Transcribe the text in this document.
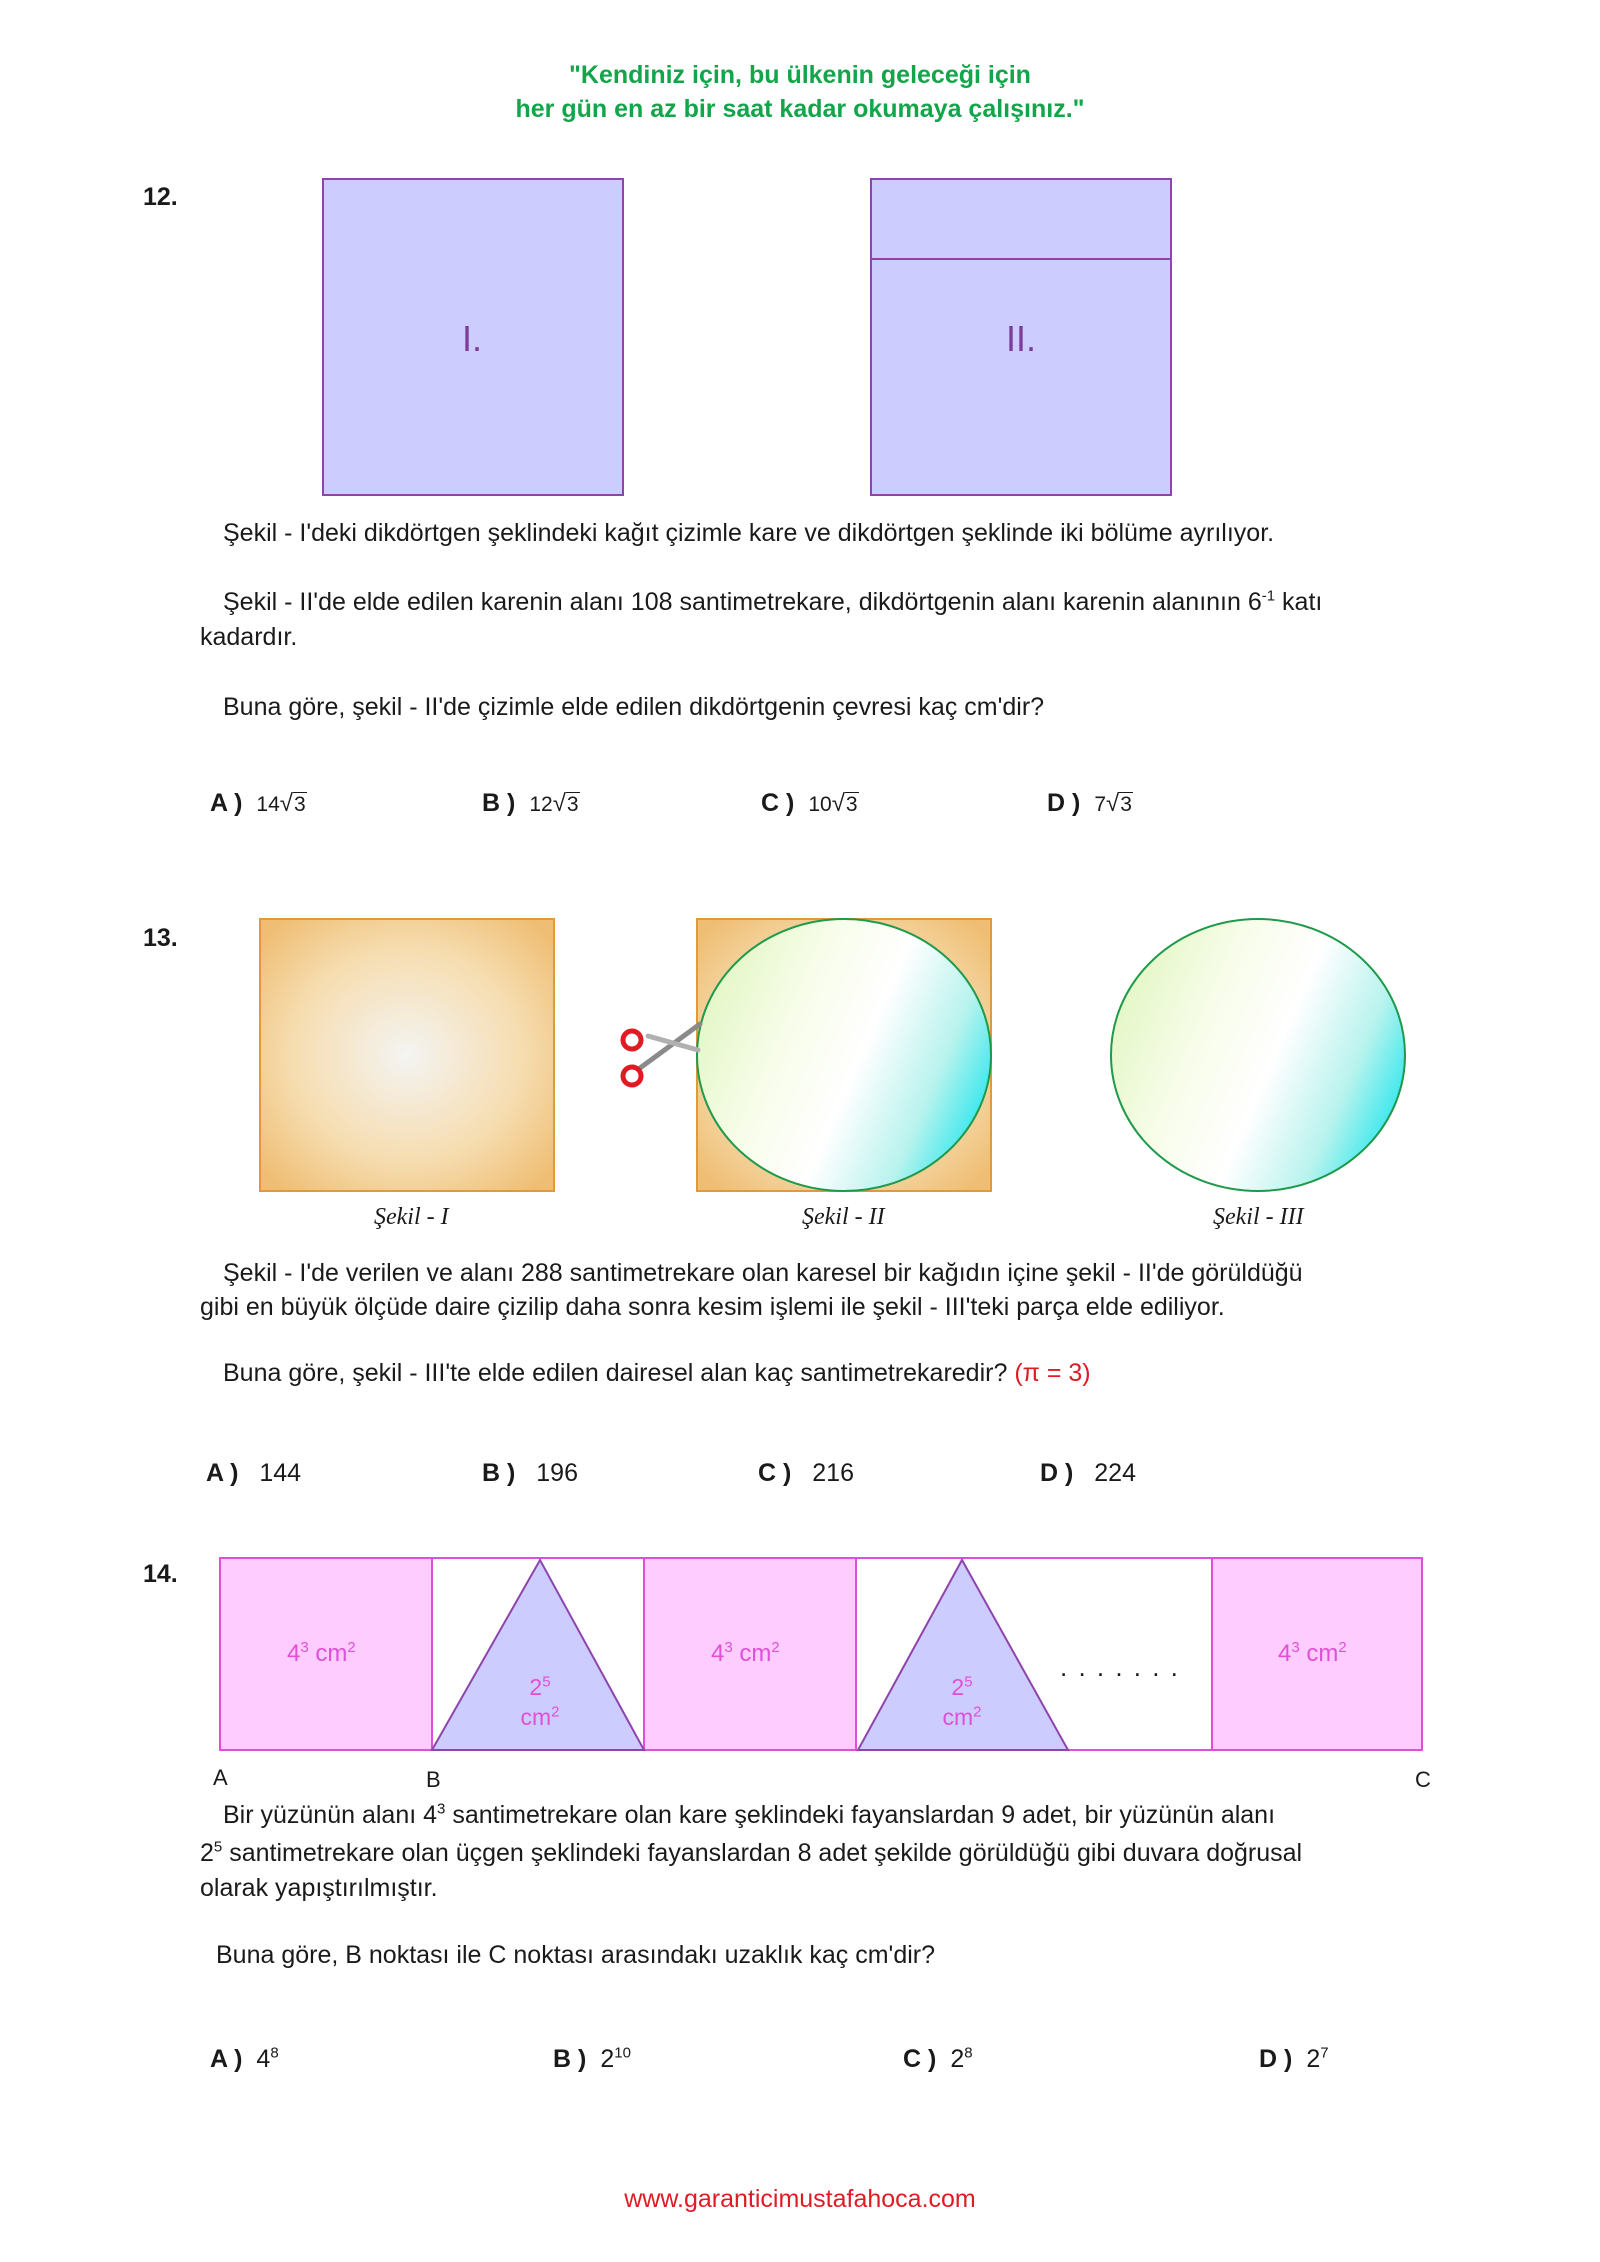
"Kendiniz için, bu ülkenin geleceği için
her gün en az bir saat kadar okumaya çalışınız."
12.
I.	II.
Şekil - I'deki dikdörtgen şeklindeki kağıt çizimle kare ve dikdörtgen şeklinde iki bölüme ayrılıyor.
Şekil - II'de elde edilen karenin alanı 108 santimetrekare, dikdörtgenin alanı karenin alanının $6^{-1}$ katı
kadardır.
Buna göre, şekil - II'de çizimle elde edilen dikdörtgenin çevresi kaç cm'dir?
A ) 14√3	B ) 12√3	C ) 10√3	D ) 7√3
13.
Şekil - I	Şekil - II	Şekil - III
Şekil - I'de verilen ve alanı 288 santimetrekare olan karesel bir kağıdın içine şekil - II'de görüldüğü
gibi en büyük ölçüde daire çizilip daha sonra kesim işlemi ile şekil - III'teki parça elde ediliyor.
Buna göre, şekil - III'te elde edilen dairesel alan kaç santimetrekaredir? (π = 3)
A ) 144	B ) 196	C ) 216	D ) 224
14.
$4^3$ $cm^2$	$4^3$ $cm^2$	$4^3$ $cm^2$
$2^5$
$cm^2$
$2^5$
$cm^2$
. . . . . . .
A	B	C
Bir yüzünün alanı $4^3$ santimetrekare olan kare şeklindeki fayanslardan 9 adet, bir yüzünün alanı
$2^5$ santimetrekare olan üçgen şeklindeki fayanslardan 8 adet şekilde görüldüğü gibi duvara doğrusal
olarak yapıştırılmıştır.
Buna göre, B noktası ile C noktası arasındakı uzaklık kaç cm'dir?
A ) $4^8$	B ) $2^{10}$	C ) $2^8$	D ) $2^7$
www.garanticimustafahoca.com
